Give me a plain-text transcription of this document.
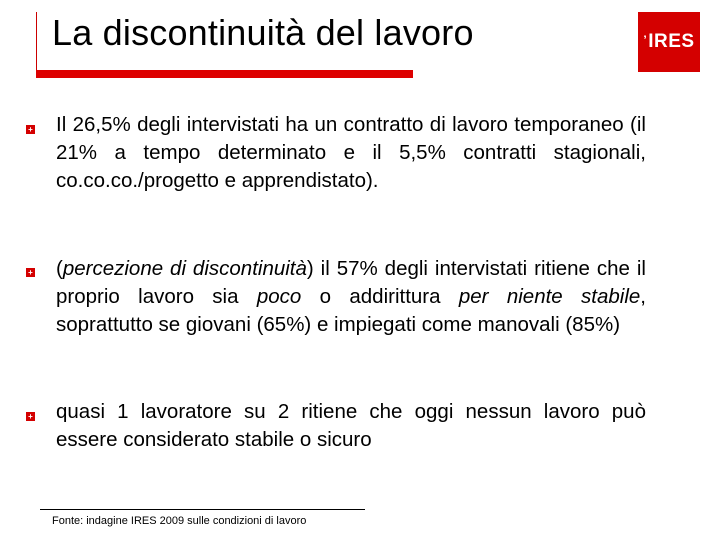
La discontinuità del lavoro	’ IRES
+ Il 26,5% degli intervistati ha un contratto di lavoro temporaneo (il 21% a tempo determinato e il 5,5% contratti stagionali, co.co.co./progetto e apprendistato).
+ (percezione di discontinuità) il 57% degli intervistati ritiene che il proprio lavoro sia poco o addirittura per niente stabile, soprattutto se giovani (65%) e impiegati come manovali (85%)
+ quasi 1 lavoratore su 2 ritiene che oggi nessun lavoro può essere considerato stabile o sicuro
Fonte: indagine IRES 2009 sulle condizioni di lavoro
